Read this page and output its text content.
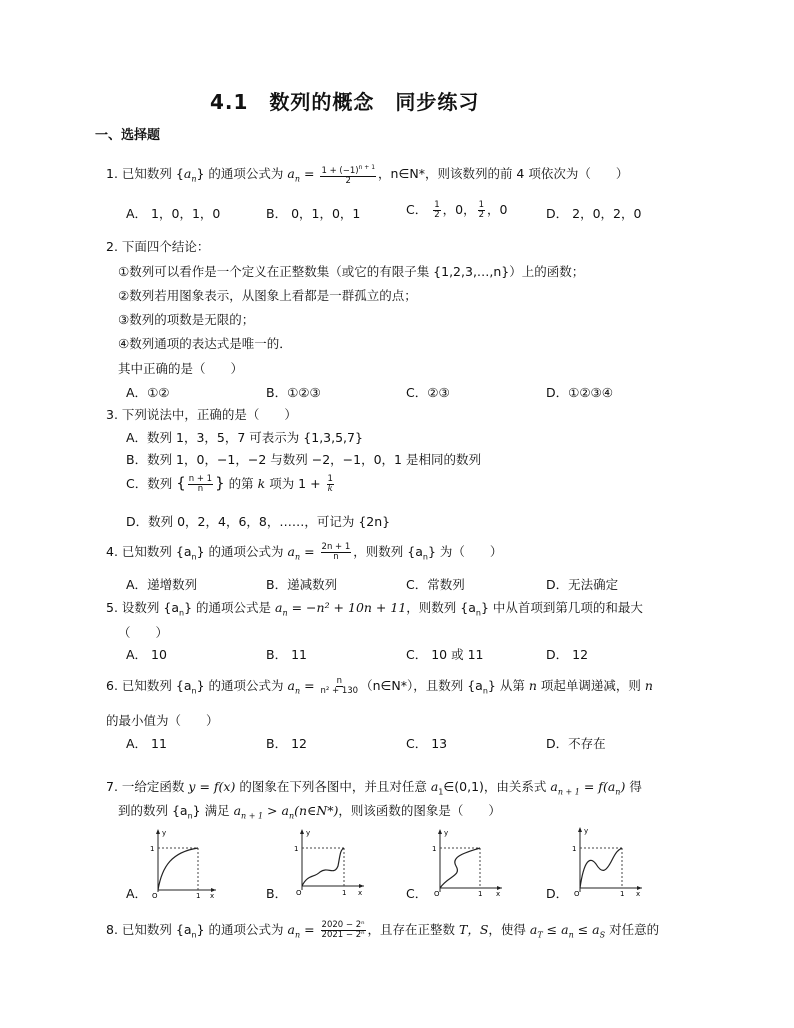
4.1　数列的概念　同步练习
一、选择题
1. 已知数列 $\{a_n\}$ 的通项公式为 $a_n = \frac{1 + (-1)^{n + 1}}{2}$ ，n∈N*，则该数列的前 4 项依次为（　　）
A． 1，0，1，0	B． 0，1，0，1	C． $\frac{1}{2}$ ，0， $\frac{1}{2}$ ，0	D． 2，0，2，0
2. 下面四个结论：
①数列可以看作是一个定义在正整数集（或它的有限子集 {1,2,3,…,n}）上的函数；
②数列若用图象表示，从图象上看都是一群孤立的点；
③数列的项数是无限的；
④数列通项的表达式是唯一的．
其中正确的是（　　）
A．①②	B．①②③	C．②③	D．①②③④
3. 下列说法中，正确的是（　　）
A．数列 1，3，5，7 可表示为 {1,3,5,7}
B．数列 1，0，−1，−2 与数列 −2，−1，0，1 是相同的数列
C．数列 { $\frac{n + 1}{n}$ } 的第 k 项为 $1 + \frac{1}{k}$
D．数列 0，2，4，6，8，……，可记为 {2n}
4. 已知数列 $\{a_n\}$ 的通项公式为 $a_n = \frac{2n + 1}{n}$ ，则数列 $\{a_n\}$ 为（　　）
A．递增数列	B．递减数列	C．常数列	D．无法确定
5. 设数列 $\{a_n\}$ 的通项公式是 $a_n = -n^2 + 10n + 11$，则数列 $\{a_n\}$ 中从首项到第几项的和最大
（　　）
A． 10	B． 11	C． 10 或 11	D． 12
6. 已知数列 $\{a_n\}$ 的通项公式为 $a_n = \frac{n}{\text{n² + 130}}$ （n∈N*），且数列 $\{a_n\}$ 从第 n 项起单调递减，则 n
的最小值为（　　）
A． 11	B． 12	C． 13	D．不存在
7. 一给定函数 y = f(x) 的图象在下列各图中，并且对任意 $a_1\in(0,1)$，由关系式 $a_{n + 1} = f(a_n)$ 得
到的数列 $\{a_n\}$ 满足 $a_{n + 1}$ > $a_n(n\in N*)$，则该函数的图象是（　　）
A．
y
1
O	1 x	B．
y
1
O	1 x	C．
y
1
O	1 x	D．
y
1
O	1 x
8. 已知数列 $\{a_n\}$ 的通项公式为 $a_n = \frac{\text{2020 − 2ⁿ}}{\text{2021 − 2ⁿ}}$ ，且存在正整数 T，S，使得 $a_T \le a_n \le a_S$ 对任意的
